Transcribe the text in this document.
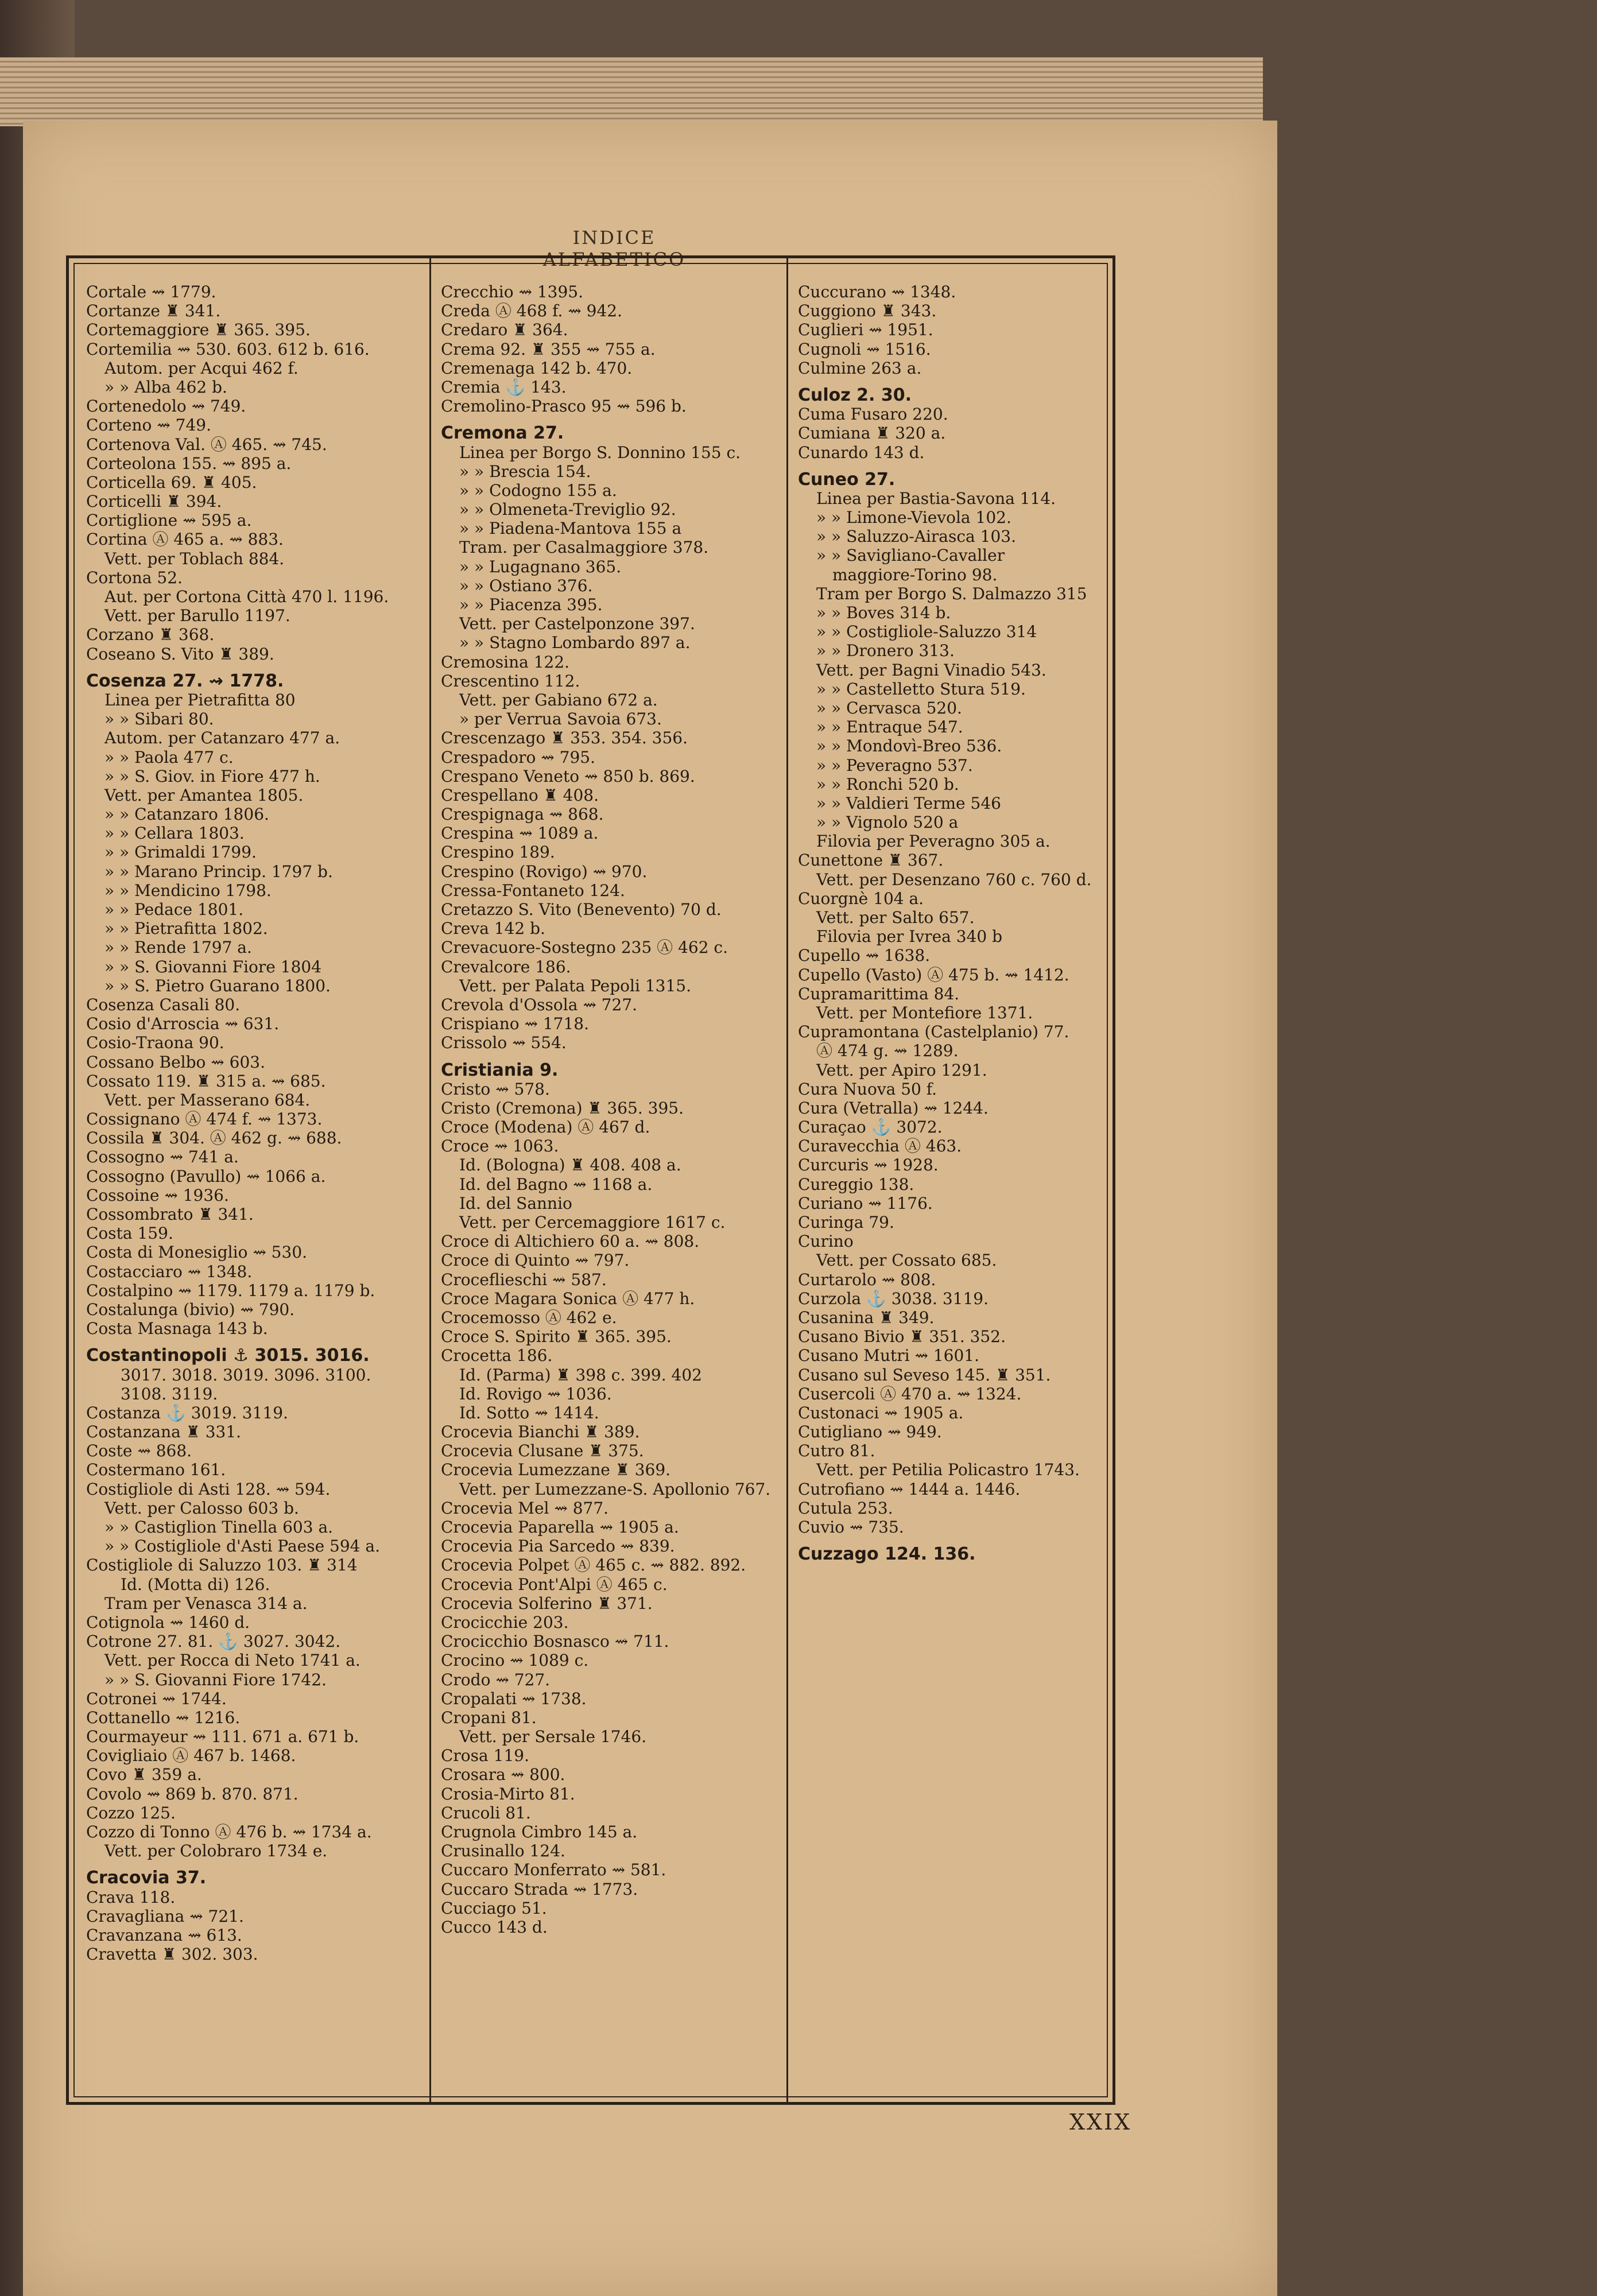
INDICE ALFABETICO
Cortale ⇝ 1779.
Cortanze ♜ 341.
Cortemaggiore ♜ 365. 395.
Cortemilia ⇝ 530. 603. 612 b. 616.
Autom. per Acqui 462 f.
» » Alba 462 b.
Cortenedolo ⇝ 749.
Corteno ⇝ 749.
Cortenova Val. Ⓐ 465. ⇝ 745.
Corteolona 155. ⇝ 895 a.
Corticella 69. ♜ 405.
Corticelli ♜ 394.
Cortiglione ⇝ 595 a.
Cortina Ⓐ 465 a. ⇝ 883.
Vett. per Toblach 884.
Cortona 52.
Aut. per Cortona Città 470 l. 1196.
Vett. per Barullo 1197.
Corzano ♜ 368.
Coseano S. Vito ♜ 389.
Cosenza 27. ⇝ 1778.
Linea per Pietrafitta 80
» » Sibari 80.
Autom. per Catanzaro 477 a.
» » Paola 477 c.
» » S. Giov. in Fiore 477 h.
Vett. per Amantea 1805.
» » Catanzaro 1806.
» » Cellara 1803.
» » Grimaldi 1799.
» » Marano Princip. 1797 b.
» » Mendicino 1798.
» » Pedace 1801.
» » Pietrafitta 1802.
» » Rende 1797 a.
» » S. Giovanni Fiore 1804
» » S. Pietro Guarano 1800.
Cosenza Casali 80.
Cosio d'Arroscia ⇝ 631.
Cosio-Traona 90.
Cossano Belbo ⇝ 603.
Cossato 119. ♜ 315 a. ⇝ 685.
Vett. per Masserano 684.
Cossignano Ⓐ 474 f. ⇝ 1373.
Cossila ♜ 304. Ⓐ 462 g. ⇝ 688.
Cossogno ⇝ 741 a.
Cossogno (Pavullo) ⇝ 1066 a.
Cossoine ⇝ 1936.
Cossombrato ♜ 341.
Costa 159.
Costa di Monesiglio ⇝ 530.
Costacciaro ⇝ 1348.
Costalpino ⇝ 1179. 1179 a. 1179 b.
Costalunga (bivio) ⇝ 790.
Costa Masnaga 143 b.
Costantinopoli ⚓ 3015. 3016.
3017. 3018. 3019. 3096. 3100.
3108. 3119.
Costanza ⚓ 3019. 3119.
Costanzana ♜ 331.
Coste ⇝ 868.
Costermano 161.
Costigliole di Asti 128. ⇝ 594.
Vett. per Calosso 603 b.
» » Castiglion Tinella 603 a.
» » Costigliole d'Asti Paese 594 a.
Costigliole di Saluzzo 103. ♜ 314
Id. (Motta di) 126.
Tram per Venasca 314 a.
Cotignola ⇝ 1460 d.
Cotrone 27. 81. ⚓ 3027. 3042.
Vett. per Rocca di Neto 1741 a.
» » S. Giovanni Fiore 1742.
Cotronei ⇝ 1744.
Cottanello ⇝ 1216.
Courmayeur ⇝ 111. 671 a. 671 b.
Covigliaio Ⓐ 467 b. 1468.
Covo ♜ 359 a.
Covolo ⇝ 869 b. 870. 871.
Cozzo 125.
Cozzo di Tonno Ⓐ 476 b. ⇝ 1734 a.
Vett. per Colobraro 1734 e.
Cracovia 37.
Crava 118.
Cravagliana ⇝ 721.
Cravanzana ⇝ 613.
Cravetta ♜ 302. 303.
Crecchio ⇝ 1395.
Creda Ⓐ 468 f. ⇝ 942.
Credaro ♜ 364.
Crema 92. ♜ 355 ⇝ 755 a.
Cremenaga 142 b. 470.
Cremia ⚓ 143.
Cremolino-Prasco 95 ⇝ 596 b.
Cremona 27.
Linea per Borgo S. Donnino 155 c.
» » Brescia 154.
» » Codogno 155 a.
» » Olmeneta-Treviglio 92.
» » Piadena-Mantova 155 a
Tram. per Casalmaggiore 378.
» » Lugagnano 365.
» » Ostiano 376.
» » Piacenza 395.
Vett. per Castelponzone 397.
» » Stagno Lombardo 897 a.
Cremosina 122.
Crescentino 112.
Vett. per Gabiano 672 a.
» per Verrua Savoia 673.
Crescenzago ♜ 353. 354. 356.
Crespadoro ⇝ 795.
Crespano Veneto ⇝ 850 b. 869.
Crespellano ♜ 408.
Crespignaga ⇝ 868.
Crespina ⇝ 1089 a.
Crespino 189.
Crespino (Rovigo) ⇝ 970.
Cressa-Fontaneto 124.
Cretazzo S. Vito (Benevento) 70 d.
Creva 142 b.
Crevacuore-Sostegno 235 Ⓐ 462 c.
Crevalcore 186.
Vett. per Palata Pepoli 1315.
Crevola d'Ossola ⇝ 727.
Crispiano ⇝ 1718.
Crissolo ⇝ 554.
Cristiania 9.
Cristo ⇝ 578.
Cristo (Cremona) ♜ 365. 395.
Croce (Modena) Ⓐ 467 d.
Croce ⇝ 1063.
Id. (Bologna) ♜ 408. 408 a.
Id. del Bagno ⇝ 1168 a.
Id. del Sannio
Vett. per Cercemaggiore 1617 c.
Croce di Altichiero 60 a. ⇝ 808.
Croce di Quinto ⇝ 797.
Croceflieschi ⇝ 587.
Croce Magara Sonica Ⓐ 477 h.
Crocemosso Ⓐ 462 e.
Croce S. Spirito ♜ 365. 395.
Crocetta 186.
Id. (Parma) ♜ 398 c. 399. 402
Id. Rovigo ⇝ 1036.
Id. Sotto ⇝ 1414.
Crocevia Bianchi ♜ 389.
Crocevia Clusane ♜ 375.
Crocevia Lumezzane ♜ 369.
Vett. per Lumezzane-S. Apollonio 767.
Crocevia Mel ⇝ 877.
Crocevia Paparella ⇝ 1905 a.
Crocevia Pia Sarcedo ⇝ 839.
Crocevia Polpet Ⓐ 465 c. ⇝ 882. 892.
Crocevia Pont'Alpi Ⓐ 465 c.
Crocevia Solferino ♜ 371.
Crocicchie 203.
Crocicchio Bosnasco ⇝ 711.
Crocino ⇝ 1089 c.
Crodo ⇝ 727.
Cropalati ⇝ 1738.
Cropani 81.
Vett. per Sersale 1746.
Crosa 119.
Crosara ⇝ 800.
Crosia-Mirto 81.
Crucoli 81.
Crugnola Cimbro 145 a.
Crusinallo 124.
Cuccaro Monferrato ⇝ 581.
Cuccaro Strada ⇝ 1773.
Cucciago 51.
Cucco 143 d.
Cuccurano ⇝ 1348.
Cuggiono ♜ 343.
Cuglieri ⇝ 1951.
Cugnoli ⇝ 1516.
Culmine 263 a.
Culoz 2. 30.
Cuma Fusaro 220.
Cumiana ♜ 320 a.
Cunardo 143 d.
Cuneo 27.
Linea per Bastia-Savona 114.
» » Limone-Vievola 102.
» » Saluzzo-Airasca 103.
» » Savigliano-Cavaller
maggiore-Torino 98.
Tram per Borgo S. Dalmazzo 315
» » Boves 314 b.
» » Costigliole-Saluzzo 314
» » Dronero 313.
Vett. per Bagni Vinadio 543.
» » Castelletto Stura 519.
» » Cervasca 520.
» » Entraque 547.
» » Mondovì-Breo 536.
» » Peveragno 537.
» » Ronchi 520 b.
» » Valdieri Terme 546
» » Vignolo 520 a
Filovia per Peveragno 305 a.
Cunettone ♜ 367.
Vett. per Desenzano 760 c. 760 d.
Cuorgnè 104 a.
Vett. per Salto 657.
Filovia per Ivrea 340 b
Cupello ⇝ 1638.
Cupello (Vasto) Ⓐ 475 b. ⇝ 1412.
Cupramarittima 84.
Vett. per Montefiore 1371.
Cupramontana (Castelplanio) 77.
Ⓐ 474 g. ⇝ 1289.
Vett. per Apiro 1291.
Cura Nuova 50 f.
Cura (Vetralla) ⇝ 1244.
Curaçao ⚓ 3072.
Curavecchia Ⓐ 463.
Curcuris ⇝ 1928.
Cureggio 138.
Curiano ⇝ 1176.
Curinga 79.
Curino
Vett. per Cossato 685.
Curtarolo ⇝ 808.
Curzola ⚓ 3038. 3119.
Cusanina ♜ 349.
Cusano Bivio ♜ 351. 352.
Cusano Mutri ⇝ 1601.
Cusano sul Seveso 145. ♜ 351.
Cusercoli Ⓐ 470 a. ⇝ 1324.
Custonaci ⇝ 1905 a.
Cutigliano ⇝ 949.
Cutro 81.
Vett. per Petilia Policastro 1743.
Cutrofiano ⇝ 1444 a. 1446.
Cutula 253.
Cuvio ⇝ 735.
Cuzzago 124. 136.
XXIX
